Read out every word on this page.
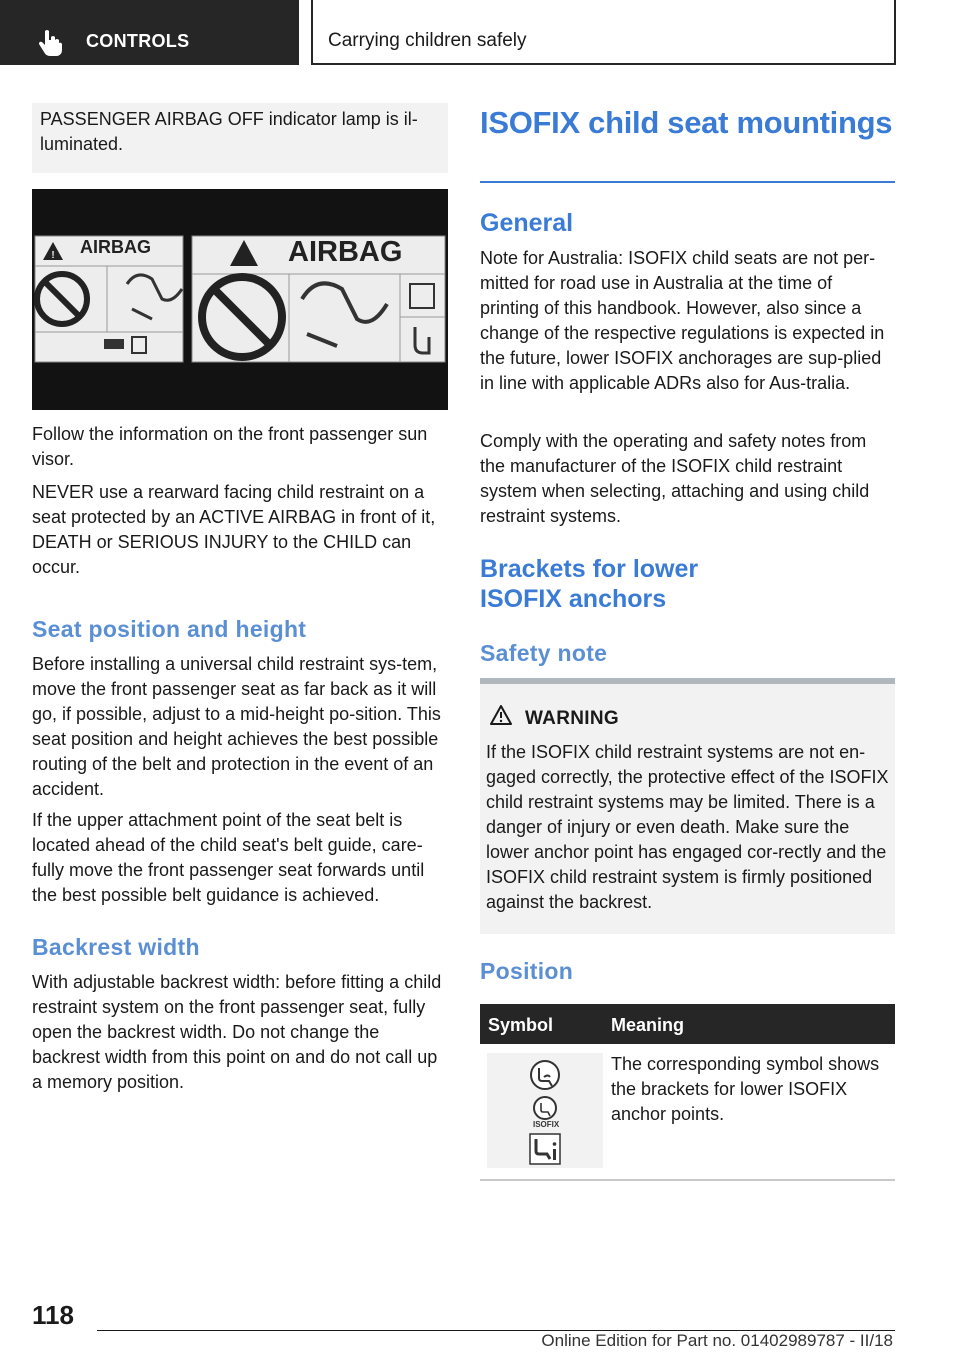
CONTROLS	Carrying children safely
PASSENGER AIRBAG OFF indicator lamp is il-luminated.
! AIRBAG	AIRBAG

Follow the information on the front passenger sun visor.

NEVER use a rearward facing child restraint on a seat protected by an ACTIVE AIRBAG in front of it, DEATH or SERIOUS INJURY to the CHILD can occur.

Seat position and height

Before installing a universal child restraint sys-tem, move the front passenger seat as far back as it will go, if possible, adjust to a mid-height po-sition. This seat position and height achieves the best possible routing of the belt and protection in the event of an accident.

If the upper attachment point of the seat belt is located ahead of the child seat's belt guide, care-fully move the front passenger seat forwards until the best possible belt guidance is achieved.

Backrest width

With adjustable backrest width: before fitting a child restraint system on the front passenger seat, fully open the backrest width. Do not change the backrest width from this point on and do not call up a memory position.

ISOFIX child seat mountings
General

Note for Australia: ISOFIX child seats are not per-mitted for road use in Australia at the time of printing of this handbook. However, also since a change of the respective regulations is expected in the future, lower ISOFIX anchorages are sup-plied in line with applicable ADRs also for Aus-tralia.

Comply with the operating and safety notes from the manufacturer of the ISOFIX child restraint system when selecting, attaching and using child restraint systems.

Brackets for lower ISOFIX anchors
Safety note
WARNING

If the ISOFIX child restraint systems are not en-gaged correctly, the protective effect of the ISOFIX child restraint systems may be limited. There is a danger of injury or even death. Make sure the lower anchor point has engaged cor-rectly and the ISOFIX child restraint system is firmly positioned against the backrest.

Position
Symbol	Meaning
ISOFIX

The corresponding symbol shows the brackets for lower ISOFIX anchor points.

118
Online Edition for Part no. 01402989787 - II/18
